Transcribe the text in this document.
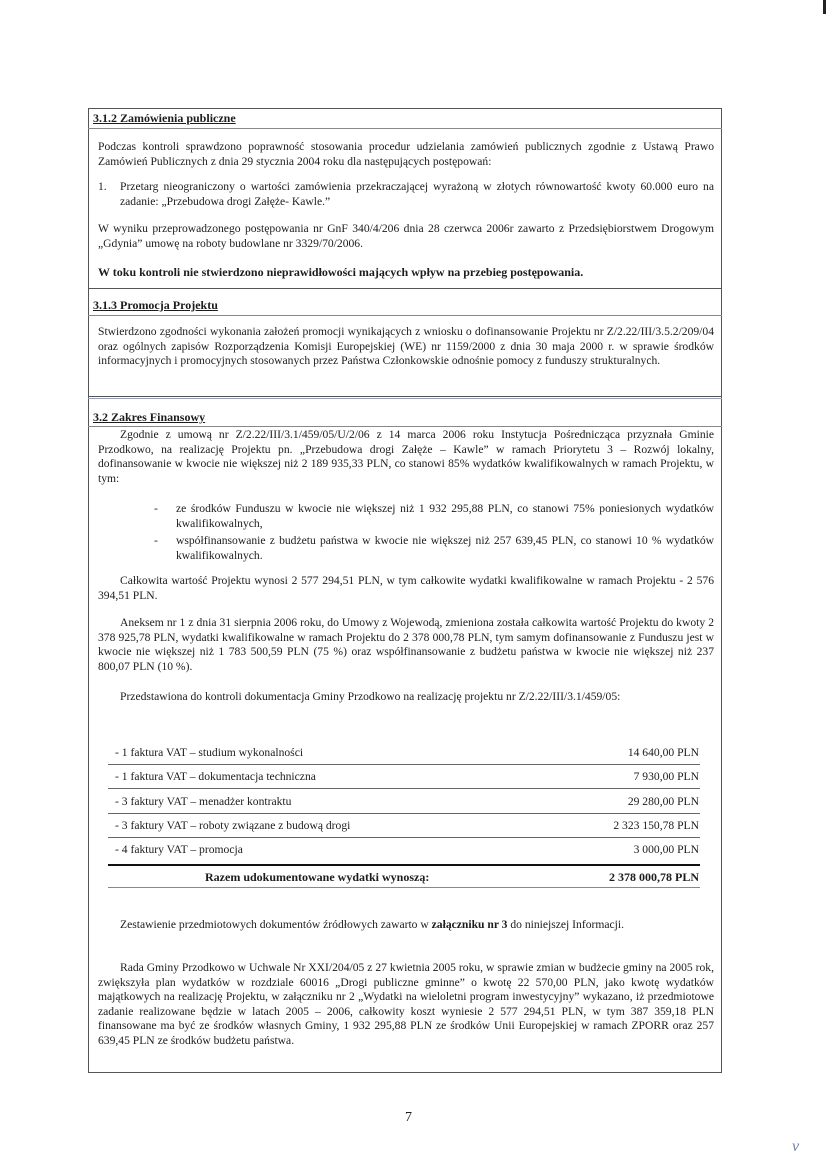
3.1.2 Zamówienia publiczne
Podczas kontroli sprawdzono poprawność stosowania procedur udzielania zamówień publicznych zgodnie z Ustawą Prawo Zamówień Publicznych z dnia 29 stycznia 2004 roku dla następujących postępowań:
1. Przetarg nieograniczony o wartości zamówienia przekraczającej wyrażoną w złotych równowartość kwoty 60.000 euro na zadanie: „Przebudowa drogi Załęże- Kawle.”
W wyniku przeprowadzonego postępowania nr GnF 340/4/206 dnia 28 czerwca 2006r zawarto z Przedsiębiorstwem Drogowym „Gdynia” umowę na roboty budowlane nr 3329/70/2006.
W toku kontroli nie stwierdzono nieprawidłowości mających wpływ na przebieg postępowania.
3.1.3 Promocja Projektu
Stwierdzono zgodności wykonania założeń promocji wynikających z wniosku o dofinansowanie Projektu nr Z/2.22/III/3.5.2/209/04 oraz ogólnych zapisów Rozporządzenia Komisji Europejskiej (WE) nr 1159/2000 z dnia 30 maja 2000 r. w sprawie środków informacyjnych i promocyjnych stosowanych przez Państwa Członkowskie odnośnie pomocy z funduszy strukturalnych.
3.2 Zakres Finansowy
Zgodnie z umową nr Z/2.22/III/3.1/459/05/U/2/06 z 14 marca 2006 roku Instytucja Pośrednicząca przyznała Gminie Przodkowo, na realizację Projektu pn. „Przebudowa drogi Załęże – Kawle” w ramach Priorytetu 3 – Rozwój lokalny, dofinansowanie w kwocie nie większej niż 2 189 935,33 PLN, co stanowi 85% wydatków kwalifikowalnych w ramach Projektu, w tym:
- ze środków Funduszu w kwocie nie większej niż 1 932 295,88 PLN, co stanowi 75% poniesionych wydatków kwalifikowalnych,
- współfinansowanie z budżetu państwa w kwocie nie większej niż 257 639,45 PLN, co stanowi 10 % wydatków kwalifikowalnych.
Całkowita wartość Projektu wynosi 2 577 294,51 PLN, w tym całkowite wydatki kwalifikowalne w ramach Projektu - 2 576 394,51 PLN.
Aneksem nr 1 z dnia 31 sierpnia 2006 roku, do Umowy z Wojewodą, zmieniona została całkowita wartość Projektu do kwoty 2 378 925,78 PLN, wydatki kwalifikowalne w ramach Projektu do 2 378 000,78 PLN, tym samym dofinansowanie z Funduszu jest w kwocie nie większej niż 1 783 500,59 PLN (75 %) oraz współfinansowanie z budżetu państwa w kwocie nie większej niż 237 800,07 PLN (10 %).
Przedstawiona do kontroli dokumentacja Gminy Przodkowo na realizację projektu nr Z/2.22/III/3.1/459/05:
- 1 faktura VAT – studium wykonalności	14 640,00 PLN
- 1 faktura VAT – dokumentacja techniczna	7 930,00 PLN
- 3 faktury VAT – menadżer kontraktu	29 280,00 PLN
- 3 faktury VAT – roboty związane z budową drogi	2 323 150,78 PLN
- 4 faktury VAT – promocja	3 000,00 PLN
Razem udokumentowane wydatki wynoszą:	2 378 000,78 PLN
Zestawienie przedmiotowych dokumentów źródłowych zawarto w załączniku nr 3 do niniejszej Informacji.
Rada Gminy Przodkowo w Uchwale Nr XXI/204/05 z 27 kwietnia 2005 roku, w sprawie zmian w budżecie gminy na 2005 rok, zwiększyła plan wydatków w rozdziale 60016 „Drogi publiczne gminne” o kwotę 22 570,00 PLN, jako kwotę wydatków majątkowych na realizację Projektu, w załączniku nr 2 „Wydatki na wieloletni program inwestycyjny” wykazano, iż przedmiotowe zadanie realizowane będzie w latach 2005 – 2006, całkowity koszt wyniesie 2 577 294,51 PLN, w tym 387 359,18 PLN finansowane ma być ze środków własnych Gminy, 1 932 295,88 PLN ze środków Unii Europejskiej w ramach ZPORR oraz 257 639,45 PLN ze środków budżetu państwa.
7
ν
